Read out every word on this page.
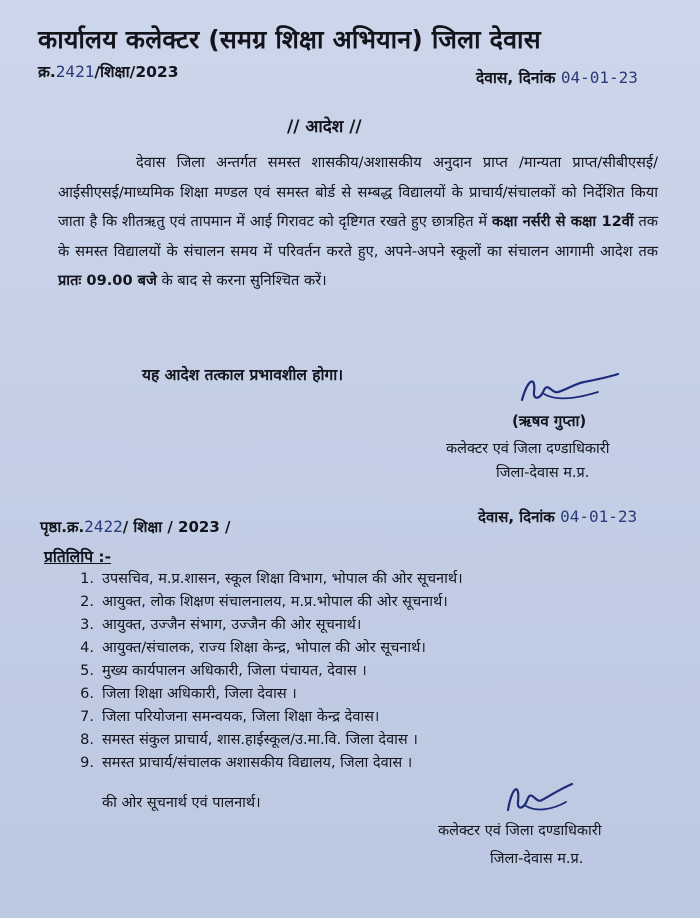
कार्यालय कलेक्टर (समग्र शिक्षा अभियान) जिला देवास
क्र.2421/शिक्षा/2023	देवास, दिनांक 04-01-23
// आदेश //
देवास जिला अन्तर्गत समस्त शासकीय/अशासकीय अनुदान प्राप्त /मान्यता प्राप्त/सीबीएसई/आईसीएसई/माध्यमिक शिक्षा मण्डल एवं समस्त बोर्ड से सम्बद्ध विद्यालयों के प्राचार्य/संचालकों को निर्देशित किया जाता है कि शीतऋतु एवं तापमान में आई गिरावट को दृष्टिगत रखते हुए छात्रहित में कक्षा नर्सरी से कक्षा 12वीं तक के समस्त विद्यालयों के संचालन समय में परिवर्तन करते हुए, अपने-अपने स्कूलों का संचालन आगामी आदेश तक प्रातः 09.00 बजे के बाद से करना सुनिश्चित करें।
यह आदेश तत्काल प्रभावशील होगा।
(ऋषव गुप्ता)
कलेक्टर एवं जिला दण्डाधिकारी
जिला-देवास म.प्र.
देवास, दिनांक 04-01-23
पृष्ठा.क्र.2422/ शिक्षा / 2023 /
प्रतिलिपि :-
1. उपसचिव, म.प्र.शासन, स्कूल शिक्षा विभाग, भोपाल की ओर सूचनार्थ।
2. आयुक्त, लोक शिक्षण संचालनालय, म.प्र.भोपाल की ओर सूचनार्थ।
3. आयुक्त, उज्जैन संभाग, उज्जैन की ओर सूचनार्थ।
4. आयुक्त/संचालक, राज्य शिक्षा केन्द्र, भोपाल की ओर सूचनार्थ।
5. मुख्य कार्यपालन अधिकारी, जिला पंचायत, देवास ।
6. जिला शिक्षा अधिकारी, जिला देवास ।
7. जिला परियोजना समन्वयक, जिला शिक्षा केन्द्र देवास।
8. समस्त संकुल प्राचार्य, शास.हाईस्कूल/उ.मा.वि. जिला देवास ।
9. समस्त प्राचार्य/संचालक अशासकीय विद्यालय, जिला देवास ।
की ओर सूचनार्थ एवं पालनार्थ।
कलेक्टर एवं जिला दण्डाधिकारी
जिला-देवास म.प्र.
